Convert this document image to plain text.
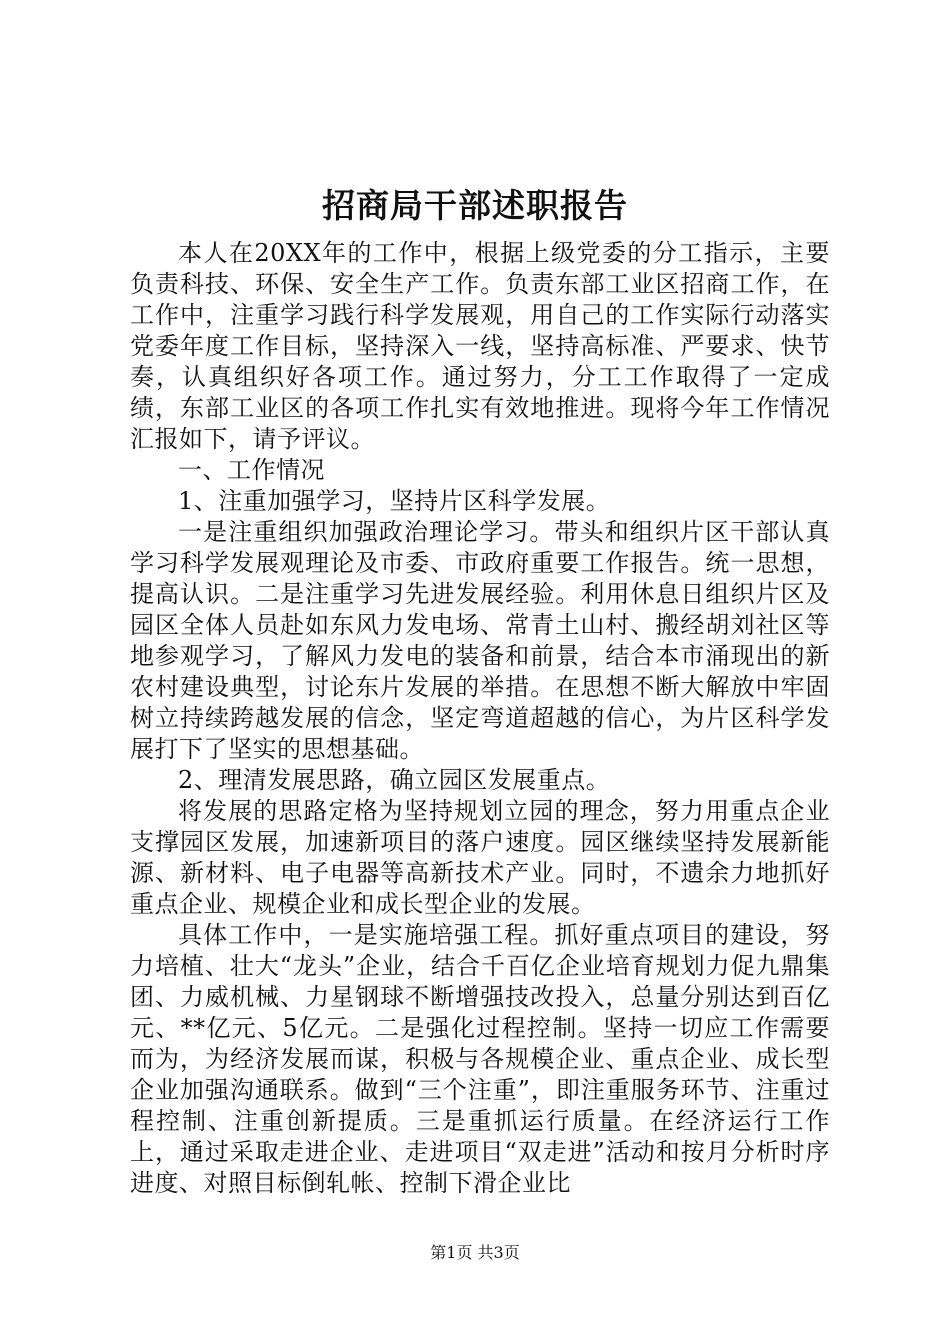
招商局干部述职报告

本人在20XX年的工作中，根据上级党委的分工指示，主要负责科技、环保、安全生产工作。负责东部工业区招商工作，在工作中，注重学习践行科学发展观，用自己的工作实际行动落实党委年度工作目标，坚持深入一线，坚持高标准、严要求、快节奏，认真组织好各项工作。通过努力，分工工作取得了一定成绩，东部工业区的各项工作扎实有效地推进。现将今年工作情况汇报如下，请予评议。

一、工作情况

1、注重加强学习，坚持片区科学发展。

一是注重组织加强政治理论学习。带头和组织片区干部认真学习科学发展观理论及市委、市政府重要工作报告。统一思想，提高认识。二是注重学习先进发展经验。利用休息日组织片区及园区全体人员赴如东风力发电场、常青土山村、搬经胡刘社区等地参观学习，了解风力发电的装备和前景，结合本市涌现出的新农村建设典型，讨论东片发展的举措。在思想不断大解放中牢固树立持续跨越发展的信念，坚定弯道超越的信心，为片区科学发展打下了坚实的思想基础。

2、理清发展思路，确立园区发展重点。

将发展的思路定格为坚持规划立园的理念，努力用重点企业支撑园区发展，加速新项目的落户速度。园区继续坚持发展新能源、新材料、电子电器等高新技术产业。同时，不遗余力地抓好重点企业、规模企业和成长型企业的发展。

具体工作中，一是实施培强工程。抓好重点项目的建设，努力培植、壮大“龙头”企业，结合千百亿企业培育规划力促九鼎集团、力威机械、力星钢球不断增强技改投入，总量分别达到百亿元、**亿元、5亿元。二是强化过程控制。坚持一切应工作需要而为，为经济发展而谋，积极与各规模企业、重点企业、成长型企业加强沟通联系。做到“三个注重”，即注重服务环节、注重过程控制、注重创新提质。三是重抓运行质量。在经济运行工作上，通过采取走进企业、走进项目“双走进”活动和按月分析时序进度、对照目标倒轧帐、控制下滑企业比

第1页 共3页
